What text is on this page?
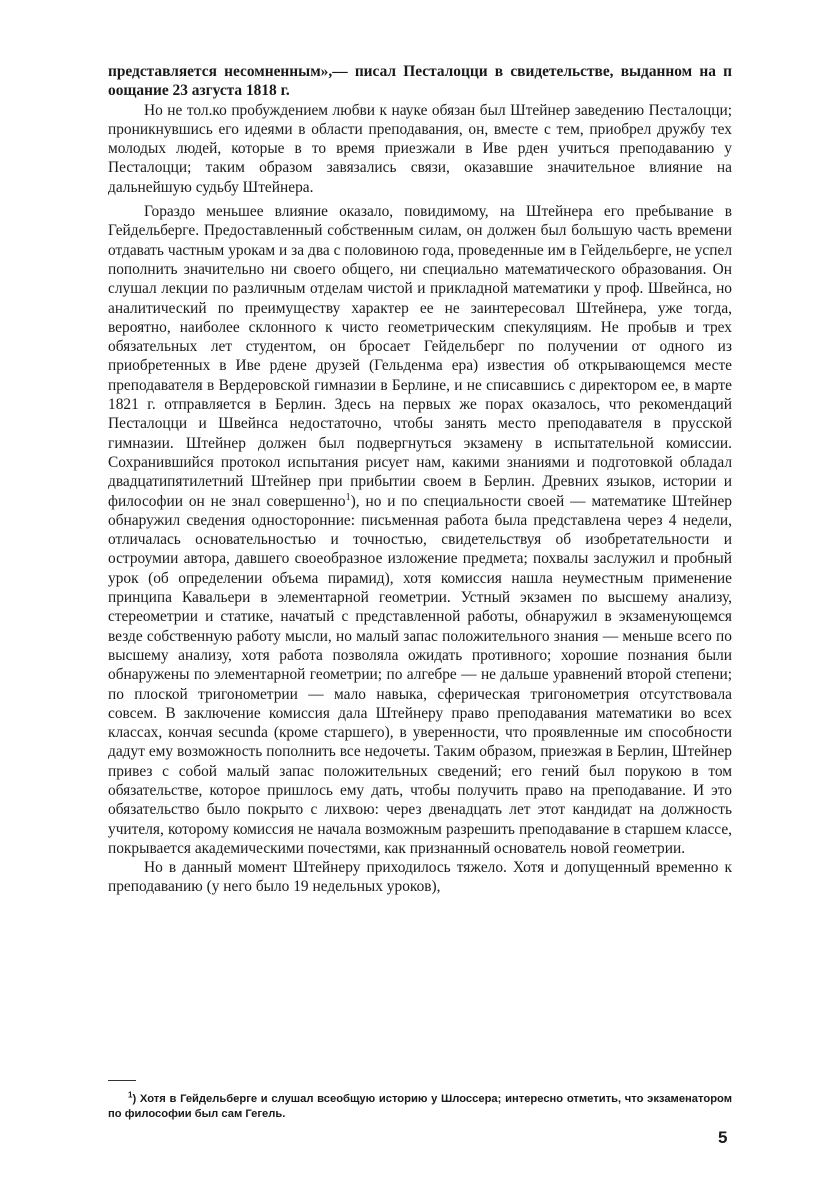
представляется несомненным»,— писал Песталоцци в свидетельстве, выданном на п оощание 23 азгуста 1818 г.

Но не тол.ко пробуждением любви к науке обязан был Штейнер заведению Песталоцци; проникнувшись его идеями в области преподавания, он, вместе с тем, приобрел дружбу тех молодых людей, которые в то время приезжали в Иве рден учиться преподаванию у Песталоцци; таким образом завязались связи, оказавшие значительное влияние на дальнейшую судьбу Штейнера.

Гораздо меньшее влияние оказало, повидимому, на Штейнера его пребывание в Гейдельберге. Предоставленный собственным силам, он должен был большую часть времени отдавать частным урокам и за два с половиною года, проведенные им в Гейдельберге, не успел пополнить значительно ни своего общего, ни специально математического образования. Он слушал лекции по различным отделам чистой и прикладной математики у проф. Швейнса, но аналитический по преимуществу характер ее не заинтересовал Штейнера, уже тогда, вероятно, наиболее склонного к чисто геометрическим спекуляциям. Не пробыв и трех обязательных лет студентом, он бросает Гейдельберг по получении от одного из приобретенных в Иве рдене друзей (Гельденма ера) известия об открывающемся месте преподавателя в Вердеровской гимназии в Берлине, и не списавшись с директором ее, в марте 1821 г. отправляется в Берлин. Здесь на первых же порах оказалось, что рекомендаций Песталоцци и Швейнса недостаточно, чтобы занять место преподавателя в прусской гимназии. Штейнер должен был подвергнуться экзамену в испытательной комиссии. Сохранившийся протокол испытания рисует нам, какими знаниями и подготовкой обладал двадцатипятилетний Штейнер при прибытии своем в Берлин. Древних языков, истории и философии он не знал совершенно$^1$), но и по специальности своей — математике Штейнер обнаружил сведения односторонние: письменная работа была представлена через 4 недели, отличалась основательностью и точностью, свидетельствуя об изобретательности и остроумии автора, давшего своеобразное изложение предмета; похвалы заслужил и пробный урок (об определении объема пирамид), хотя комиссия нашла неуместным применение принципа Кавальери в элементарной геометрии. Устный экзамен по высшему анализу, стереометрии и статике, начатый с представленной работы, обнаружил в экзаменующемся везде собственную работу мысли, но малый запас положительного знания — меньше всего по высшему анализу, хотя работа позволяла ожидать противного; хорошие познания были обнаружены по элементарной геометрии; по алгебре — не дальше уравнений второй степени; по плоской тригонометрии — мало навыка, сферическая тригонометрия отсутствовала совсем. В заключение комиссия дала Штейнеру право преподавания математики во всех классах, кончая secunda (кроме старшего), в уверенности, что проявленные им способности дадут ему возможность пополнить все недочеты. Таким образом, приезжая в Берлин, Штейнер привез с собой малый запас положительных сведений; его гений был порукою в том обязательстве, которое пришлось ему дать, чтобы получить право на преподавание. И это обязательство было покрыто с лихвою: через двенадцать лет этот кандидат на должность учителя, которому комиссия не начала возможным разрешить преподавание в старшем классе, покрывается академическими почестями, как признанный основатель новой геометрии.

Но в данный момент Штейнеру приходилось тяжело. Хотя и допущенный временно к преподаванию (у него было 19 недельных уроков),

$^1$) Хотя в Гейдельберге и слушал всеобщую историю у Шлоссера; интересно отметить, что экзаменатором по философии был сам Гегель.
5
